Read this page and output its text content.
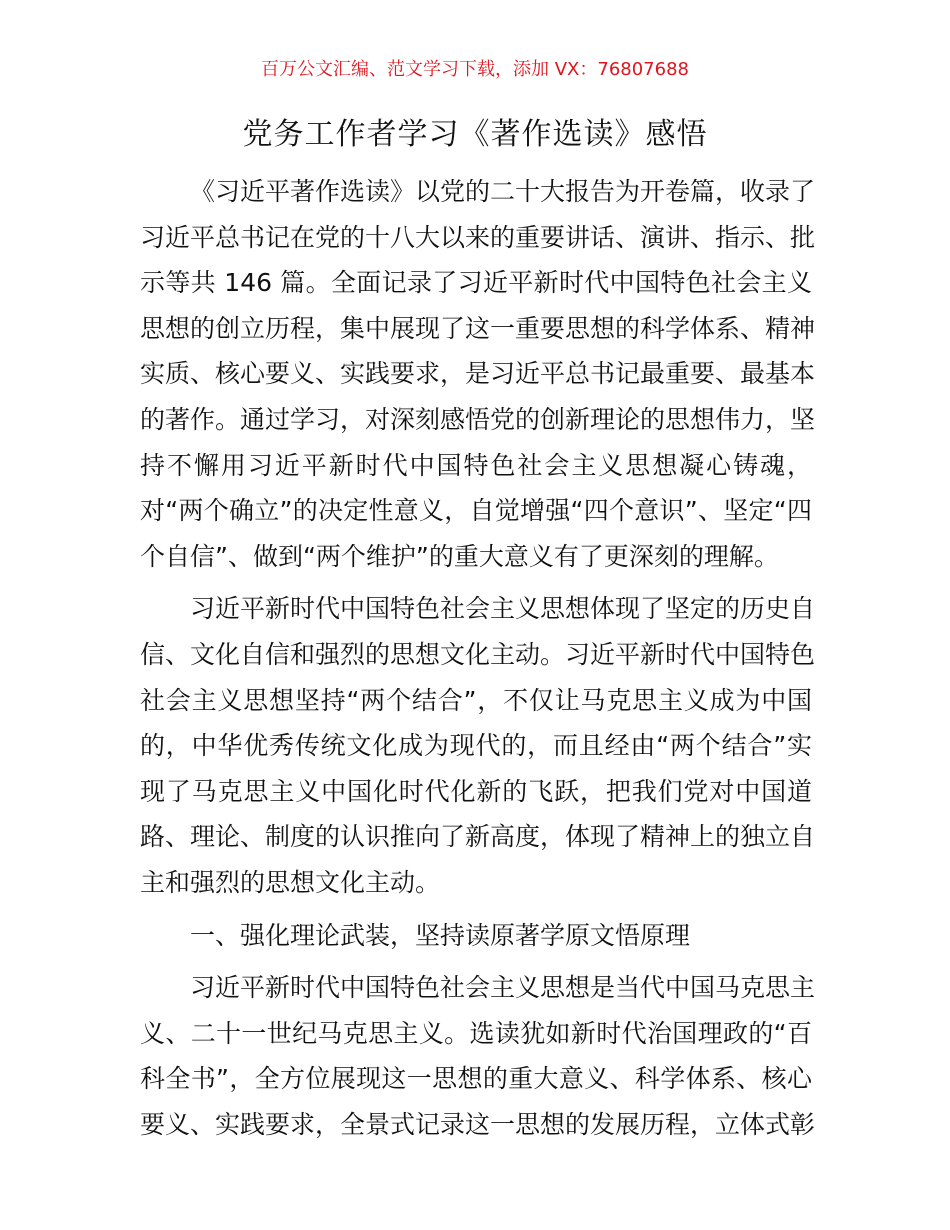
百万公文汇编、范文学习下载，添加 VX：76807688
党务工作者学习《著作选读》感悟
《习近平著作选读》以党的二十大报告为开卷篇，收录了
习近平总书记在党的十八大以来的重要讲话、演讲、指示、批
示等共 146 篇。全面记录了习近平新时代中国特色社会主义
思想的创立历程，集中展现了这一重要思想的科学体系、精神
实质、核心要义、实践要求，是习近平总书记最重要、最基本
的著作。通过学习，对深刻感悟党的创新理论的思想伟力，坚
持不懈用习近平新时代中国特色社会主义思想凝心铸魂，
对“两个确立”的决定性意义，自觉增强“四个意识”、坚定“四
个自信”、做到“两个维护”的重大意义有了更深刻的理解。
习近平新时代中国特色社会主义思想体现了坚定的历史自
信、文化自信和强烈的思想文化主动。习近平新时代中国特色
社会主义思想坚持“两个结合”，不仅让马克思主义成为中国
的，中华优秀传统文化成为现代的，而且经由“两个结合”实
现了马克思主义中国化时代化新的飞跃，把我们党对中国道
路、理论、制度的认识推向了新高度，体现了精神上的独立自
主和强烈的思想文化主动。
一、强化理论武装，坚持读原著学原文悟原理
习近平新时代中国特色社会主义思想是当代中国马克思主
义、二十一世纪马克思主义。选读犹如新时代治国理政的“百
科全书”，全方位展现这一思想的重大意义、科学体系、核心
要义、实践要求，全景式记录这一思想的发展历程，立体式彰
